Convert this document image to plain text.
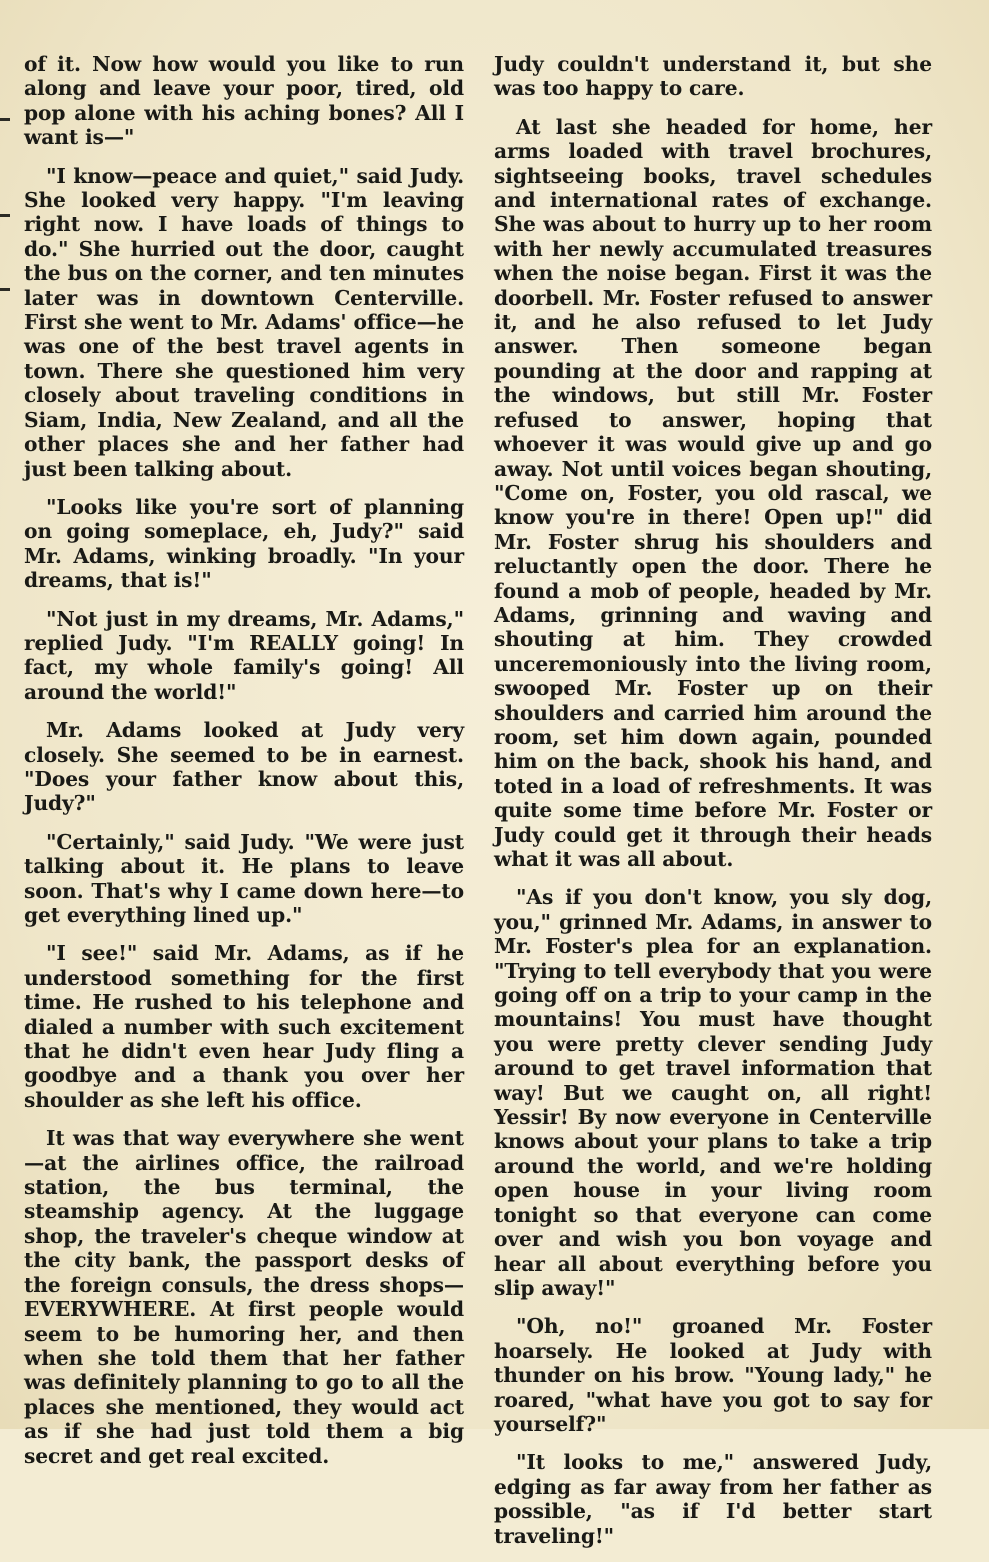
of it. Now how would you like to run along and leave your poor, tired, old pop alone with his aching bones? All I want is—"

"I know—peace and quiet," said Judy. She looked very happy. "I'm leaving right now. I have loads of things to do." She hurried out the door, caught the bus on the corner, and ten minutes later was in downtown Centerville. First she went to Mr. Adams' office—he was one of the best travel agents in town. There she questioned him very closely about traveling conditions in Siam, India, New Zealand, and all the other places she and her father had just been talking about.

"Looks like you're sort of planning on going someplace, eh, Judy?" said Mr. Adams, winking broadly. "In your dreams, that is!"

"Not just in my dreams, Mr. Adams," replied Judy. "I'm REALLY going! In fact, my whole family's going! All around the world!"

Mr. Adams looked at Judy very closely. She seemed to be in earnest. "Does your father know about this, Judy?"

"Certainly," said Judy. "We were just talking about it. He plans to leave soon. That's why I came down here—to get everything lined up."

"I see!" said Mr. Adams, as if he understood something for the first time. He rushed to his telephone and dialed a number with such excitement that he didn't even hear Judy fling a goodbye and a thank you over her shoulder as she left his office.

It was that way everywhere she went—at the airlines office, the railroad station, the bus terminal, the steamship agency. At the luggage shop, the traveler's cheque window at the city bank, the passport desks of the foreign consuls, the dress shops—EVERYWHERE. At first people would seem to be humoring her, and then when she told them that her father was definitely planning to go to all the places she mentioned, they would act as if she had just told them a big secret and get real excited.

Judy couldn't understand it, but she was too happy to care.

At last she headed for home, her arms loaded with travel brochures, sightseeing books, travel schedules and international rates of exchange. She was about to hurry up to her room with her newly accumulated treasures when the noise began. First it was the doorbell. Mr. Foster refused to answer it, and he also refused to let Judy answer. Then someone began pounding at the door and rapping at the windows, but still Mr. Foster refused to answer, hoping that whoever it was would give up and go away. Not until voices began shouting, "Come on, Foster, you old rascal, we know you're in there! Open up!" did Mr. Foster shrug his shoulders and reluctantly open the door. There he found a mob of people, headed by Mr. Adams, grinning and waving and shouting at him. They crowded unceremoniously into the living room, swooped Mr. Foster up on their shoulders and carried him around the room, set him down again, pounded him on the back, shook his hand, and toted in a load of refreshments. It was quite some time before Mr. Foster or Judy could get it through their heads what it was all about.

"As if you don't know, you sly dog, you," grinned Mr. Adams, in answer to Mr. Foster's plea for an explanation. "Trying to tell everybody that you were going off on a trip to your camp in the mountains! You must have thought you were pretty clever sending Judy around to get travel information that way! But we caught on, all right! Yessir! By now everyone in Centerville knows about your plans to take a trip around the world, and we're holding open house in your living room tonight so that everyone can come over and wish you bon voyage and hear all about everything before you slip away!"

"Oh, no!" groaned Mr. Foster hoarsely. He looked at Judy with thunder on his brow. "Young lady," he roared, "what have you got to say for yourself?"

"It looks to me," answered Judy, edging as far away from her father as possible, "as if I'd better start traveling!"
